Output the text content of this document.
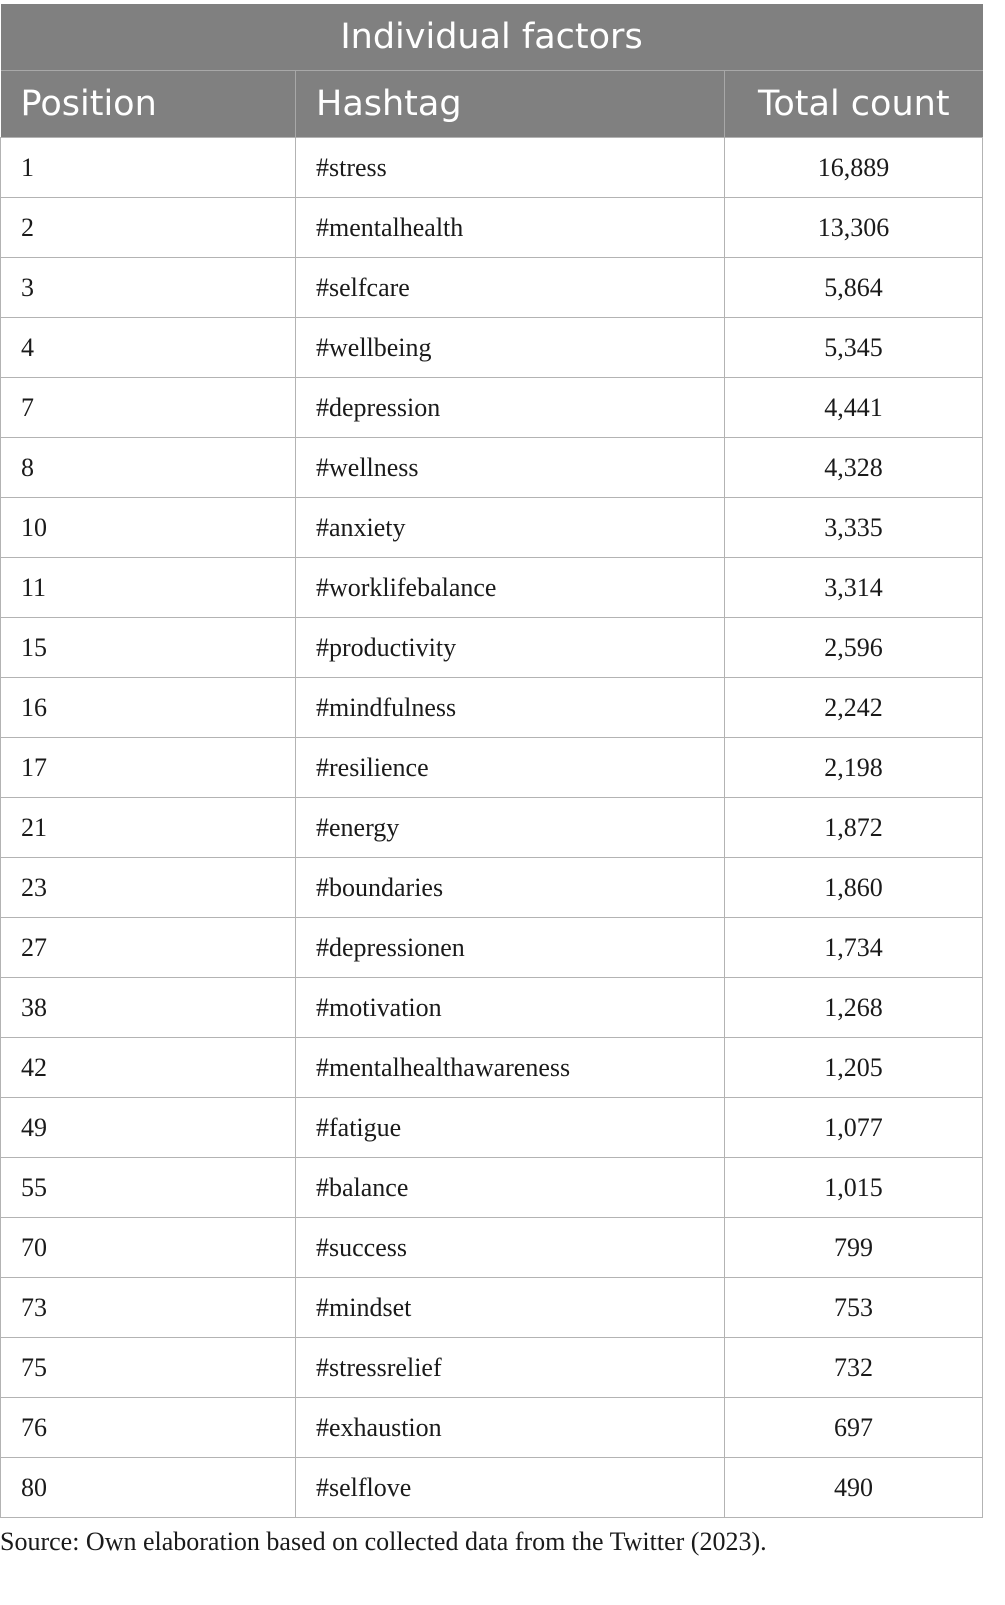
Individual factors		
Position	Hashtag	Total count
1	#stress	16,889
2	#mentalhealth	13,306
3	#selfcare	5,864
4	#wellbeing	5,345
7	#depression	4,441
8	#wellness	4,328
10	#anxiety	3,335
11	#worklifebalance	3,314
15	#productivity	2,596
16	#mindfulness	2,242
17	#resilience	2,198
21	#energy	1,872
23	#boundaries	1,860
27	#depressionen	1,734
38	#motivation	1,268
42	#mentalhealthawareness	1,205
49	#fatigue	1,077
55	#balance	1,015
70	#success	799
73	#mindset	753
75	#stressrelief	732
76	#exhaustion	697
80	#selflove	490
Source: Own elaboration based on collected data from the Twitter (2023).
